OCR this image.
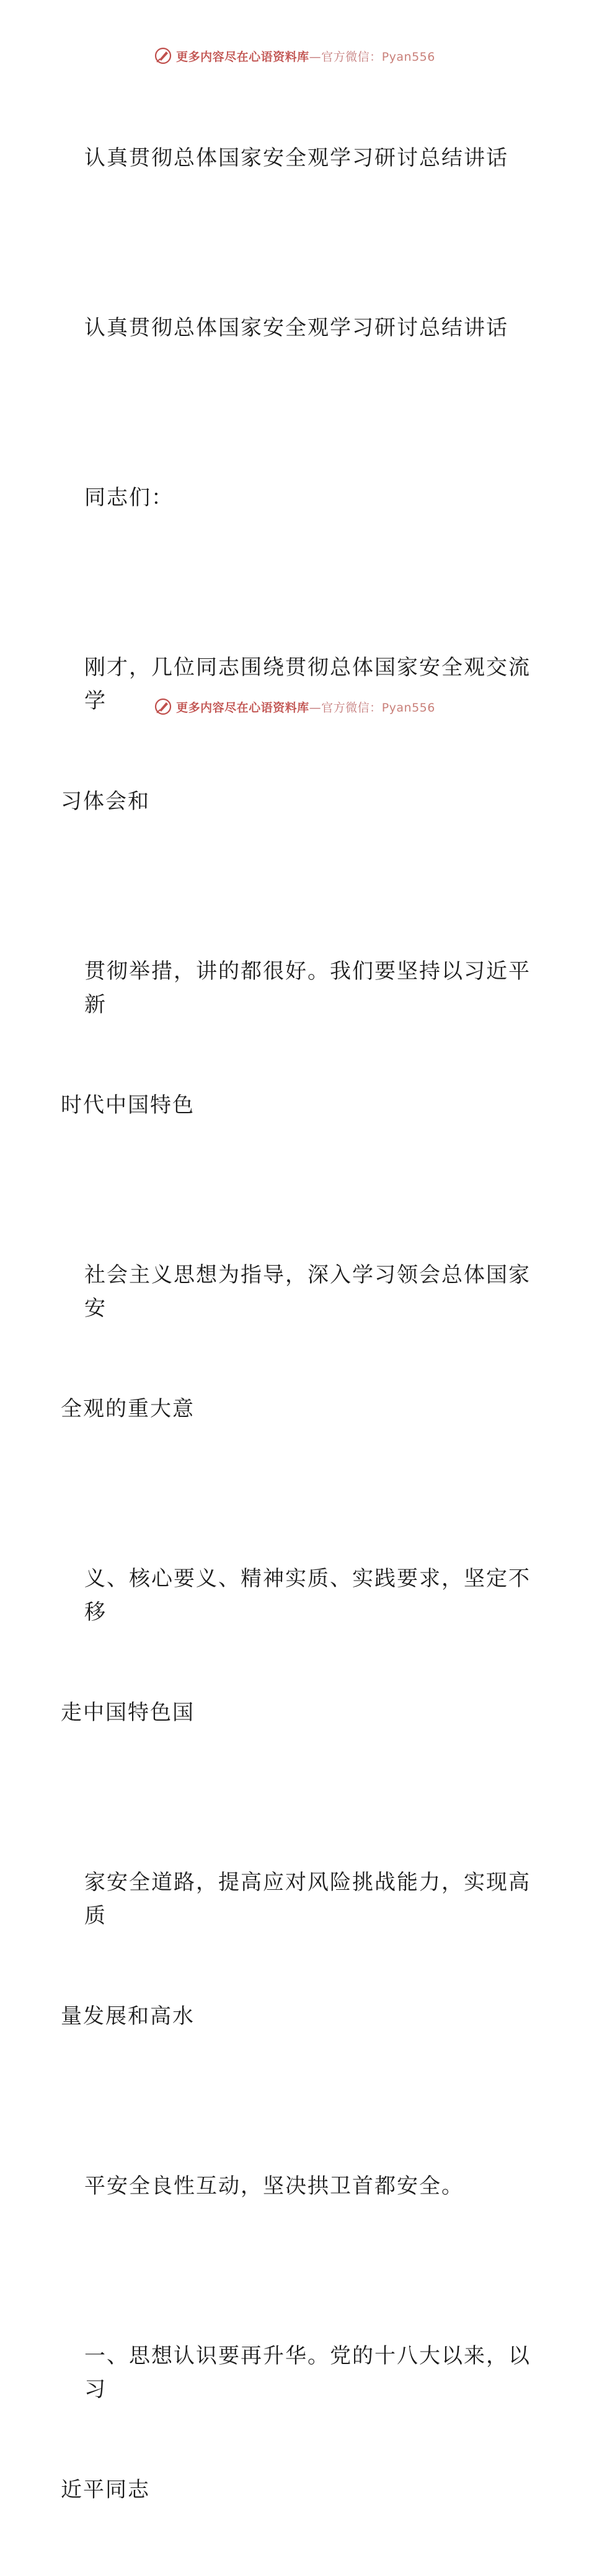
更多内容尽在心语资料库—官方微信：Pyan556

认真贯彻总体国家安全观学习研讨总结讲话

认真贯彻总体国家安全观学习研讨总结讲话

同志们：

刚才，几位同志围绕贯彻总体国家安全观交流学

习体会和

贯彻举措，讲的都很好。我们要坚持以习近平新

时代中国特色

社会主义思想为指导，深入学习领会总体国家安

全观的重大意

义、核心要义、精神实质、实践要求，坚定不移

走中国特色国

家安全道路，提高应对风险挑战能力，实现高质

量发展和高水

平安全良性互动，坚决拱卫首都安全。

一、思想认识要再升华。党的十八大以来，以习

近平同志

更多内容尽在心语资料库—官方微信：Pyan556
